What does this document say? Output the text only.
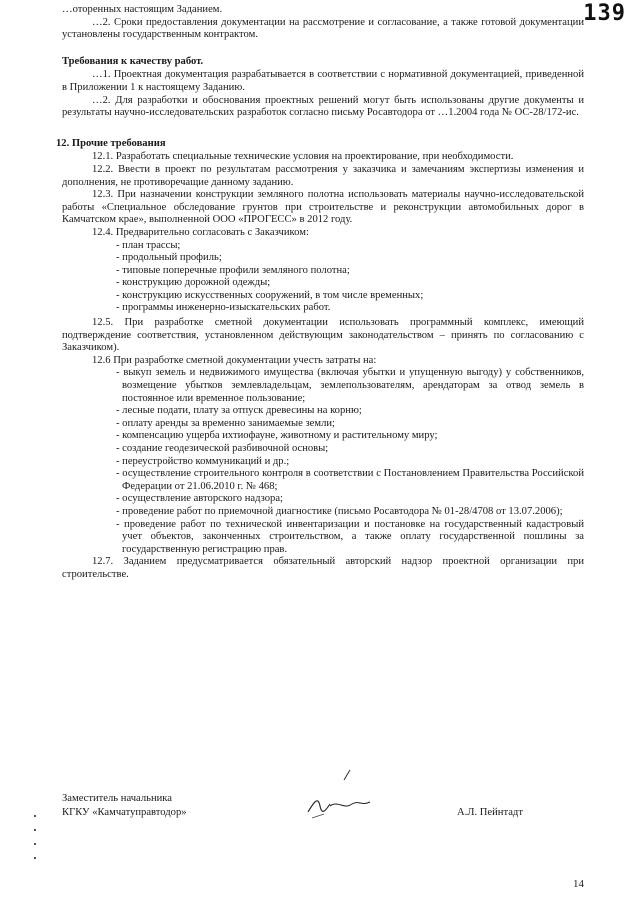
139

…оторенных настоящим Заданием.

…2. Сроки предоставления документации на рассмотрение и согласование, а также готовой документации установлены государственным контрактом.

Требования к качеству работ.

…1. Проектная документация разрабатывается в соответствии с нормативной документацией, приведенной в Приложении 1 к настоящему Заданию.

…2. Для разработки и обоснования проектных решений могут быть использованы другие документы и результаты научно-исследовательских разработок согласно письму Росавтодора от …1.2004 года № ОС-28/172-ис.

12. Прочие требования

12.1. Разработать специальные технические условия на проектирование, при необходимости.

12.2. Ввести в проект по результатам рассмотрения у заказчика и замечаниям экспертизы изменения и дополнения, не противоречащие данному заданию.

12.3. При назначении конструкции земляного полотна использовать материалы научно-исследовательской работы «Специальное обследование грунтов при строительстве и реконструкции автомобильных дорог в Камчатском крае», выполненной ООО «ПРОГЕСС» в 2012 году.

12.4. Предварительно согласовать с Заказчиком:

- план трассы;

- продольный профиль;

- типовые поперечные профили земляного полотна;

- конструкцию дорожной одежды;

- конструкцию искусственных сооружений, в том числе временных;

- программы инженерно-изыскательских работ.

12.5. При разработке сметной документации использовать программный комплекс, имеющий подтверждение соответствия, установленном действующим законодательством – принять по согласованию с Заказчиком).

12.6 При разработке сметной документации учесть затраты на:

- выкуп земель и недвижимого имущества (включая убытки и упущенную выгоду) у собственников, возмещение убытков землевладельцам, землепользователям, арендаторам за отвод земель в постоянное или временное пользование;

- лесные подати, плату за отпуск древесины на корню;

- оплату аренды за временно занимаемые земли;

- компенсацию ущерба ихтиофауне, животному и растительному миру;

- создание геодезической разбивочной основы;

- переустройство коммуникаций и др.;

- осуществление строительного контроля в соответствии с Постановлением Правительства Российской Федерации от 21.06.2010 г. № 468;

- осуществление авторского надзора;

- проведение работ по приемочной диагностике (письмо Росавтодора № 01-28/4708 от 13.07.2006);

- проведение работ по технической инвентаризации и постановке на государственный кадастровый учет объектов, законченных строительством, а также оплату государственной пошлины за государственную регистрацию прав.

12.7. Заданием предусматривается обязательный авторский надзор проектной организации при строительстве.

Заместитель начальника
КГКУ «Камчатуправтодор»	А.Л. Пейнтадт
14
